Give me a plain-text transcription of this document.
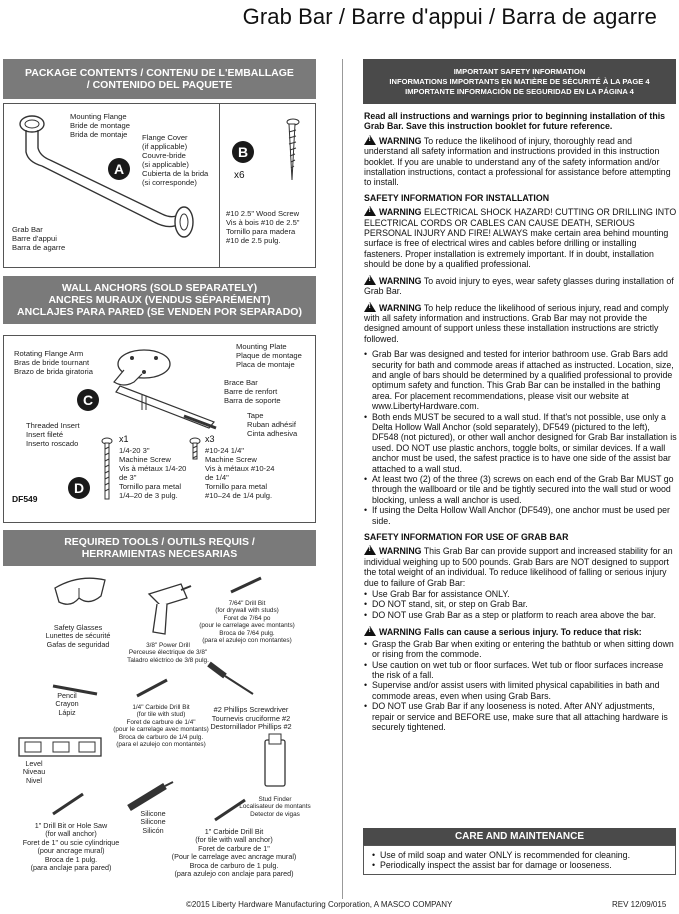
Grab Bar / Barre d'appui / Barra de agarre
PACKAGE CONTENTS / CONTENU DE L'EMBALLAGE
/ CONTENIDO DEL PAQUETE
A
Mounting Flange
Bride de montage
Brida de montaje	Flange Cover
(if applicable)
Couvre-bride
(si applicable)
Cubierta de la brida
(si corresponde)
Grab Bar
Barre d'appui
Barra de agarre
B
x6
#10 2.5" Wood Screw
Vis à bois #10 de 2.5"
Tornillo para madera
#10 de 2.5 pulg.
WALL ANCHORS (SOLD SEPARATELY)
ANCRES MURAUX (VENDUS SÉPARÉMENT)
ANCLAJES PARA PARED (SE VENDEN POR SEPARADO)
C
D
Rotating Flange Arm
Bras de bride tournant
Brazo de brida giratoria
Mounting Plate
Plaque de montage
Placa de montaje
Brace Bar
Barre de renfort
Barra de soporte
Tape
Ruban adhésif
Cinta adhesiva
Threaded Insert
Insert fileté
Inserto roscado	x1	x3
1/4-20 3"
Machine Screw
Vis à métaux 1/4-20
de 3"
Tornillo para metal
1/4–20 de 3 pulg.
#10-24 1/4"
Machine Screw
Vis à métaux #10-24
de 1/4"
Tornillo para metal
#10–24 de 1/4 pulg.
DF549
REQUIRED TOOLS / OUTILS REQUIS /
HERRAMIENTAS NECESARIAS
Safety Glasses
Lunettes de sécurité
Gafas de seguridad	3/8" Power Drill
Perceuse électrique de 3/8"
Taladro eléctrico de 3/8 pulg.
7/64" Drill Bit
(for drywall with studs)
Foret de 7/64 po
(pour le carrelage avec montants)
Broca de 7/64 pulg.
(para el azulejo con montantes)
Pencil
Crayon
Lápiz
1/4" Carbide Drill Bit
(for tile with stud)
Foret de carbure de 1/4"
(pour le carrelage avec montants)
Broca de carburo de 1/4 pulg.
(para el azulejo con montantes)
#2 Phillips Screwdriver
Tournevis cruciforme #2
Destornillador Phillips #2
Level
Niveau
Nivel
Stud Finder
Localisateur de montants
Detector de vigas
1" Drill Bit or Hole Saw
(for wall anchor)
Foret de 1" ou scie cylindrique
(pour ancrage mural)
Broca de 1 pulg.
(para anclaje para pared)
Silicone
Silicone
Silicón	1" Carbide Drill Bit
(for tile with wall anchor)
Foret de carbure de 1"
(Pour le carrelage avec ancrage mural)
Broca de carburo de 1 pulg.
(para azulejo con anclaje para pared)
IMPORTANT SAFETY INFORMATION
INFORMATIONS IMPORTANTS EN MATIÈRE DE SÉCURITÉ À LA PAGE 4
IMPORTANTE INFORMACIÓN DE SEGURIDAD EN LA PÁGINA 4

Read all instructions and warnings prior to beginning installation of this Grab Bar. Save this instruction booklet for future reference.

!WARNING To reduce the likelihood of injury, thoroughly read and understand all safety information and instructions provided in this instruction booklet. If you are unable to understand any of the safety information and/or installation instructions, contact a professional for assistance before attempting to install.

SAFETY INFORMATION FOR INSTALLATION

!WARNING ELECTRICAL SHOCK HAZARD! CUTTING OR DRILLING INTO ELECTRICAL CORDS OR CABLES CAN CAUSE DEATH, SERIOUS PERSONAL INJURY AND FIRE! ALWAYS make certain area behind mounting surface is free of electrical wires and cables before drilling or installing fasteners. Proper installation is extremely important. If in doubt, installation should be done by a qualified professional.

!WARNING To avoid injury to eyes, wear safety glasses during installation of Grab Bar.

!WARNING To help reduce the likelihood of serious injury, read and comply with all safety information and instructions. Grab Bar may not provide the designed amount of support unless these installation instructions are strictly followed.

• Grab Bar was designed and tested for interior bathroom use. Grab Bars add security for bath and commode areas if attached as instructed. Location, size, and angle of bars should be determined by a qualified professional to provide optimum safety and function. This Grab Bar can be installed in the bathing area. For placement recommendations, please visit our website at www.LibertyHardware.com.
• Both ends MUST be secured to a wall stud. If that's not possible, use only a Delta Hollow Wall Anchor (sold separately), DF549 (pictured to the left), DF548 (not pictured), or other wall anchor designed for Grab Bar installation is used. DO NOT use plastic anchors, toggle bolts, or similar devices. If a wall anchor must be used, the safest practice is to have one side of the assist bar attached to a wall stud.
• At least two (2) of the three (3) screws on each end of the Grab Bar MUST go through the wallboard or tile and be tightly secured into the wall stud or wood blocking, unless a wall anchor is used.
• If using the Delta Hollow Wall Anchor (DF549), one anchor must be used per side.

SAFETY INFORMATION FOR USE OF GRAB BAR

!WARNING This Grab Bar can provide support and increased stability for an individual weighing up to 500 pounds. Grab Bars are NOT designed to support the total weight of an individual. To reduce likelihood of falling or serious injury due to failure of Grab Bar:

• Use Grab Bar for assistance ONLY.
• DO NOT stand, sit, or step on Grab Bar.
• DO NOT use Grab Bar as a step or platform to reach area above the bar.

!WARNING Falls can cause a serious injury. To reduce that risk:

• Grasp the Grab Bar when exiting or entering the bathtub or when sitting down or rising from the commode.
• Use caution on wet tub or floor surfaces. Wet tub or floor surfaces increase the risk of a fall.
• Supervise and/or assist users with limited physical capabilities in bath and commode areas, even when using Grab Bars.
• DO NOT use Grab Bar if any looseness is noted. After ANY adjustments, repair or service and BEFORE use, make sure that all attaching hardware is securely tightened.
CARE AND MAINTENANCE
• Use of mild soap and water ONLY is recommended for cleaning.
• Periodically inspect the assist bar for damage or looseness.
©2015 Liberty Hardware Manufacturing Corporation, A MASCO COMPANY	REV 12/09/015
